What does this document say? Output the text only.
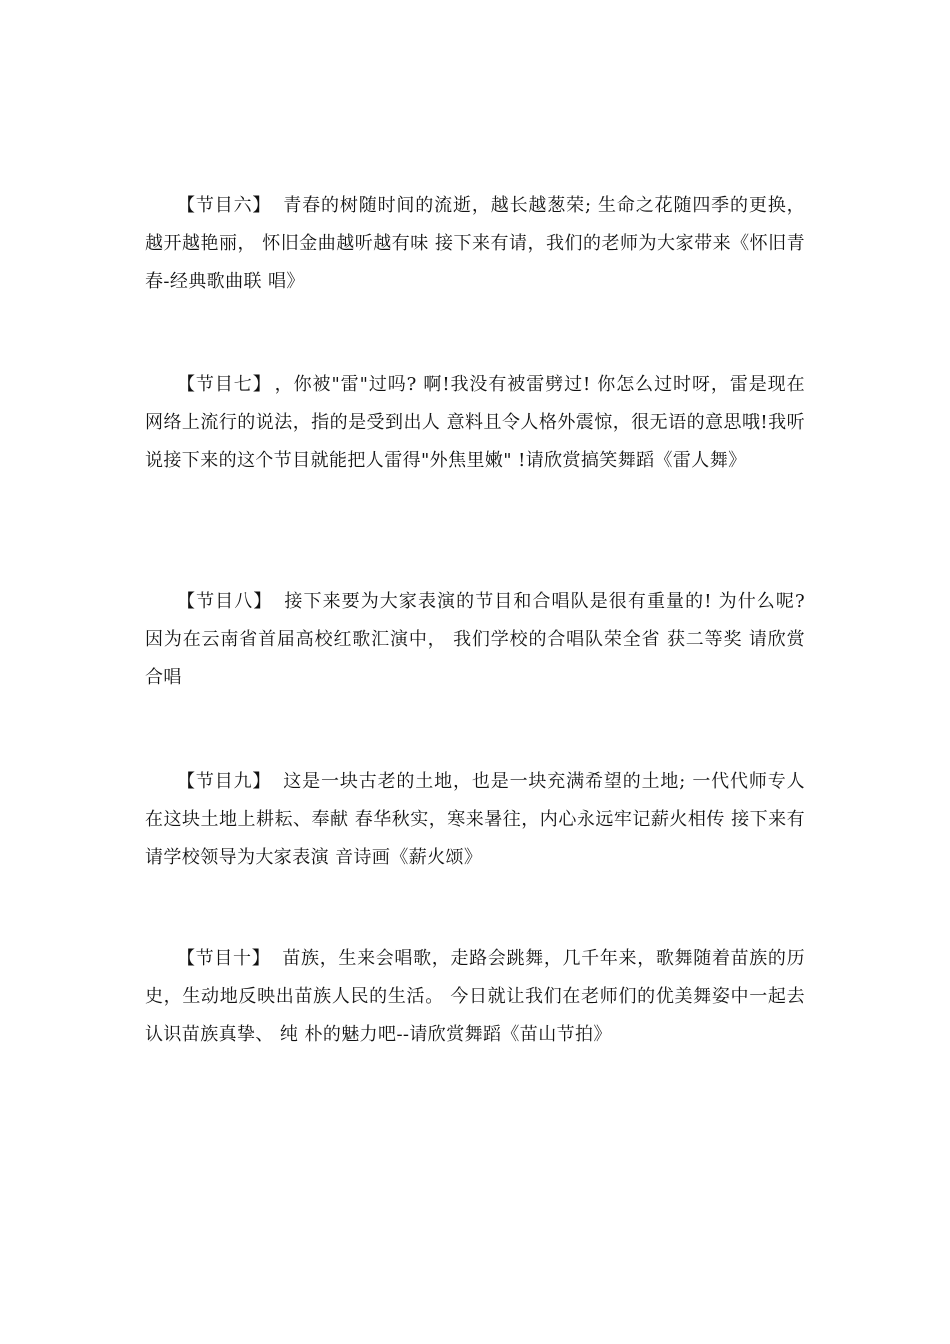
【节目六】 青春的树随时间的流逝，越长越葱荣; 生命之花随四季的更换，越开越艳丽， 怀旧金曲越听越有味 接下来有请，我们的老师为大家带来《怀旧青春-经典歌曲联 唱》

【节目七】 ，你被"雷"过吗? 啊!我没有被雷劈过! 你怎么过时呀，雷是现在网络上流行的说法，指的是受到出人 意料且令人格外震惊，很无语的意思哦!我听说接下来的这个节目就能把人雷得"外焦里嫩" !请欣赏搞笑舞蹈《雷人舞》

【节目八】 接下来要为大家表演的节目和合唱队是很有重量的! 为什么呢? 因为在云南省首届高校红歌汇演中， 我们学校的合唱队荣全省 获二等奖 请欣赏合唱

【节目九】 这是一块古老的土地，也是一块充满希望的土地; 一代代师专人在这块土地上耕耘、奉献 春华秋实，寒来暑往，内心永远牢记薪火相传 接下来有请学校领导为大家表演 音诗画《薪火颂》

【节目十】 苗族，生来会唱歌，走路会跳舞，几千年来，歌舞随着苗族的历史，生动地反映出苗族人民的生活。 今日就让我们在老师们的优美舞姿中一起去认识苗族真挚、 纯 朴的魅力吧--请欣赏舞蹈《苗山节拍》
